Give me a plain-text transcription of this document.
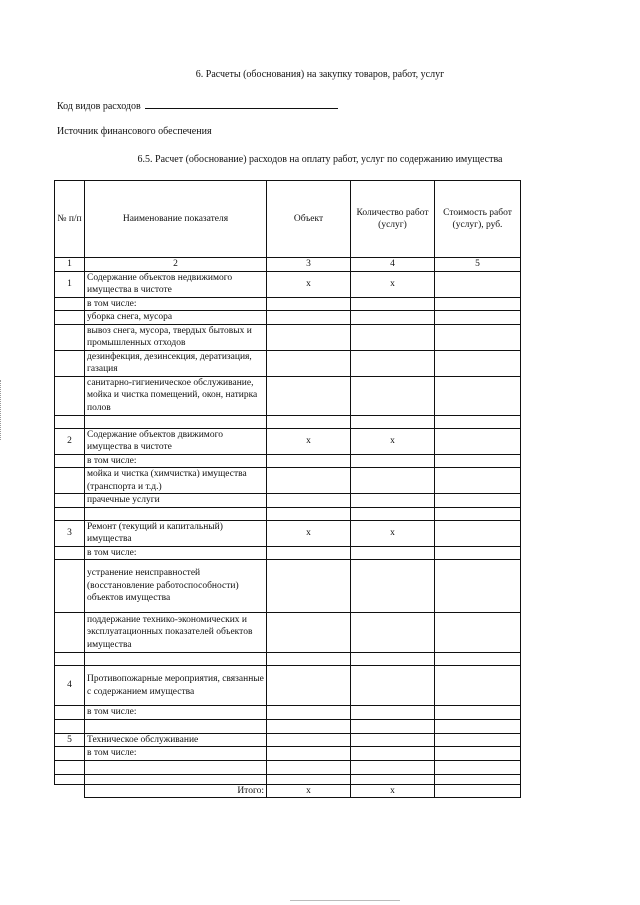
6. Расчеты (обоснования) на закупку товаров, работ, услуг
Код видов расходов
Источник финансового обеспечения
6.5. Расчет (обоснование) расходов на оплату работ, услуг по содержанию имущества
№ п/п	Наименование показателя	Объект	Количество работ (услуг)	Стоимость работ (услуг), руб.
1	2	3	4	5
1	Содержание объектов недвижимого имущества в чистоте	х	х	
	в том числе:			
	уборка снега, мусора			
	вывоз снега, мусора, твердых бытовых и промышленных отходов			
	дезинфекция, дезинсекция, дератизация, газация			
	санитарно-гигиеническое обслуживание, мойка и чистка помещений, окон, натирка полов			

2	Содержание объектов движимого имущества в чистоте	х	х	
	в том числе:			
	мойка и чистка (химчистка) имущества (транспорта и т.д.)			
	прачечные услуги			

3	Ремонт (текущий и капитальный) имущества	х	х	
	в том числе:			
	устранение неисправностей (восстановление работоспособности) объектов имущества			
	поддержание технико-экономических и эксплуатационных показателей объектов имущества			

4	Противопожарные мероприятия, связанные с содержанием имущества			
	в том числе:			

5	Техническое обслуживание			
	в том числе:			

	Итого:	х	х	
